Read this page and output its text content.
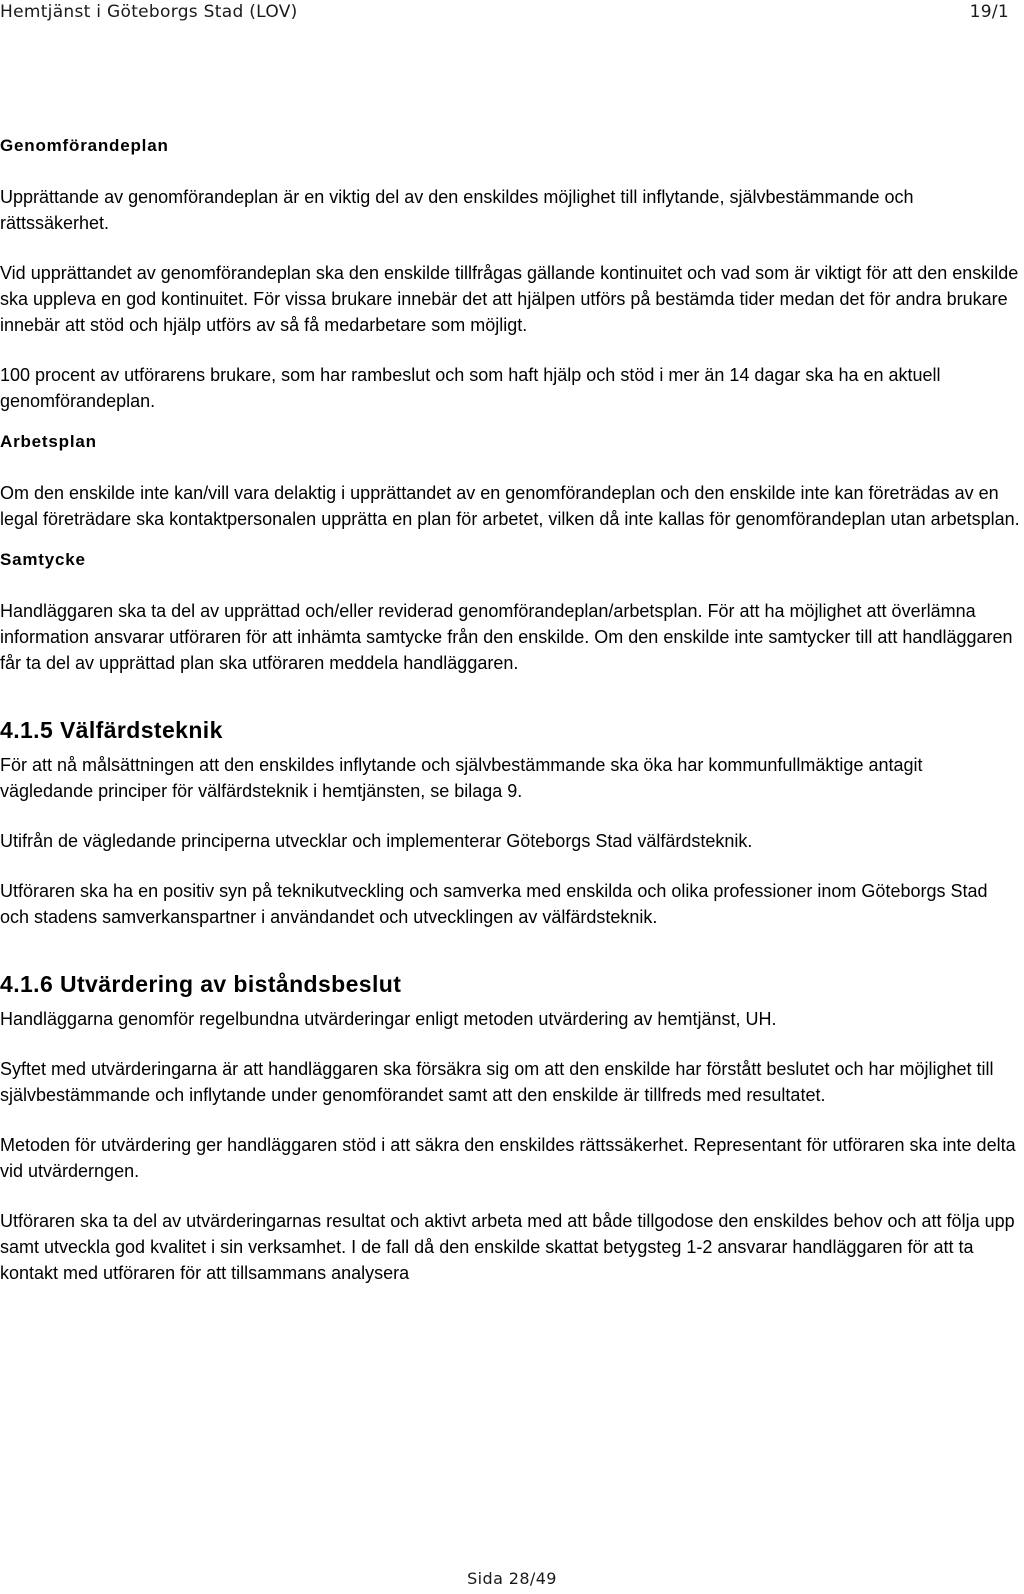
Hemtjänst i Göteborgs Stad (LOV)	19/1
Genomförandeplan

Upprättande av genomförandeplan är en viktig del av den enskildes möjlighet till inflytande, självbestämmande och rättssäkerhet.

Vid upprättandet av genomförandeplan ska den enskilde tillfrågas gällande kontinuitet och vad som är viktigt för att den enskilde ska uppleva en god kontinuitet. För vissa brukare innebär det att hjälpen utförs på bestämda tider medan det för andra brukare innebär att stöd och hjälp utförs av så få medarbetare som möjligt.

100 procent av utförarens brukare, som har rambeslut och som haft hjälp och stöd i mer än 14 dagar ska ha en aktuell genomförandeplan.

Arbetsplan

Om den enskilde inte kan/vill vara delaktig i upprättandet av en genomförandeplan och den enskilde inte kan företrädas av en legal företrädare ska kontaktpersonalen upprätta en plan för arbetet, vilken då inte kallas för genomförandeplan utan arbetsplan.

Samtycke

Handläggaren ska ta del av upprättad och/eller reviderad genomförandeplan/arbetsplan. För att ha möjlighet att överlämna information ansvarar utföraren för att inhämta samtycke från den enskilde. Om den enskilde inte samtycker till att handläggaren får ta del av upprättad plan ska utföraren meddela handläggaren.

4.1.5 Välfärdsteknik

För att nå målsättningen att den enskildes inflytande och självbestämmande ska öka har kommunfullmäktige antagit vägledande principer för välfärdsteknik i hemtjänsten, se bilaga 9.

Utifrån de vägledande principerna utvecklar och implementerar Göteborgs Stad välfärdsteknik.

Utföraren ska ha en positiv syn på teknikutveckling och samverka med enskilda och olika professioner inom Göteborgs Stad och stadens samverkanspartner i användandet och utvecklingen av välfärdsteknik.

4.1.6 Utvärdering av biståndsbeslut

Handläggarna genomför regelbundna utvärderingar enligt metoden utvärdering av hemtjänst, UH.

Syftet med utvärderingarna är att handläggaren ska försäkra sig om att den enskilde har förstått beslutet och har möjlighet till självbestämmande och inflytande under genomförandet samt att den enskilde är tillfreds med resultatet.

Metoden för utvärdering ger handläggaren stöd i att säkra den enskildes rättssäkerhet. Representant för utföraren ska inte delta vid utvärderngen.

Utföraren ska ta del av utvärderingarnas resultat och aktivt arbeta med att både tillgodose den enskildes behov och att följa upp samt utveckla god kvalitet i sin verksamhet. I de fall då den enskilde skattat betygsteg 1-2 ansvarar handläggaren för att ta kontakt med utföraren för att tillsammans analysera

Sida 28/49
